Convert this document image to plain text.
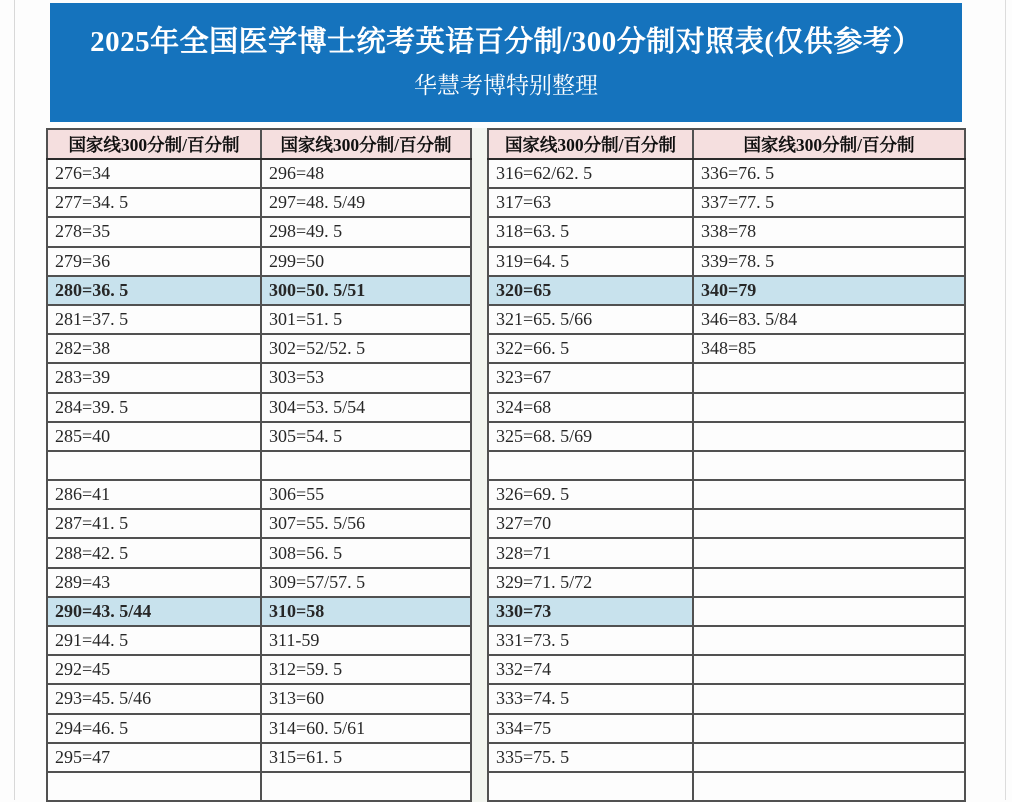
2025年全国医学博士统考英语百分制/300分制对照表(仅供参考）
华慧考博特别整理
国家线300分制/百分制	国家线300分制/百分制
276=34	296=48
277=34. 5	297=48. 5/49
278=35	298=49. 5
279=36	299=50
280=36. 5	300=50. 5/51
281=37. 5	301=51. 5
282=38	302=52/52. 5
283=39	303=53
284=39. 5	304=53. 5/54
285=40	305=54. 5

286=41	306=55
287=41. 5	307=55. 5/56
288=42. 5	308=56. 5
289=43	309=57/57. 5
290=43. 5/44	310=58
291=44. 5	311-59
292=45	312=59. 5
293=45. 5/46	313=60
294=46. 5	314=60. 5/61
295=47	315=61. 5

国家线300分制/百分制	国家线300分制/百分制
316=62/62. 5	336=76. 5
317=63	337=77. 5
318=63. 5	338=78
319=64. 5	339=78. 5
320=65	340=79
321=65. 5/66	346=83. 5/84
322=66. 5	348=85
323=67	
324=68	
325=68. 5/69	

326=69. 5	
327=70	
328=71	
329=71. 5/72	
330=73	
331=73. 5	
332=74	
333=74. 5	
334=75	
335=75. 5	
